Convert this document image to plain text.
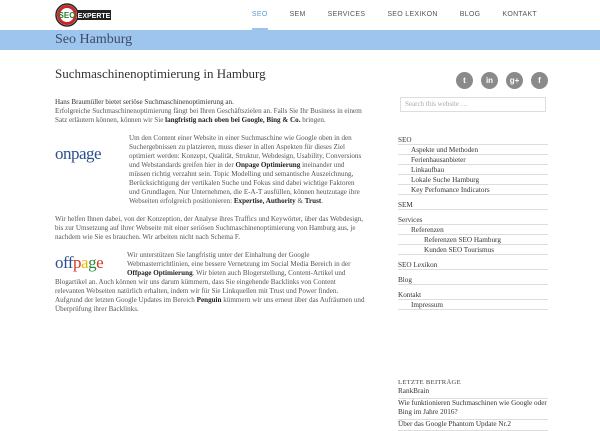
SEO EXPERTE	SEO	SEM	SERVICES	SEO LEXIKON	BLOG	KONTAKT
Seo Hamburg
Suchmaschinenoptimierung in Hamburg
Hans Braumüller bietet seriöse Suchmaschinenoptimierung an.
Erfolgreiche Suchmaschinenoptimierung fängt bei Ihren Geschäftszielen an. Falls Sie Ihr Business in einem Satz erläutern können, können wir Sie langfristig nach oben bei Google, Bing & Co. bringen.
onpage
Um den Content einer Website in einer Suchmaschine wie Google oben in den Suchergebnissen zu platzieren, muss dieser in allen Aspekten für dieses Ziel optimiert werden: Konzept, Qualität, Struktur, Webdesign, Usability, Conversions und Webstandards greifen hier in der Onpage Optimierung ineinander und müssen richtig verzahnt sein. Topic Modelling und semantische Auszeichnung, Berücksichtigung der vertikalen Suche und Fokus sind dabei wichtige Faktoren und Grundlagen. Nur Unternehmen, die E-A-T ausfüllen, können heutzutage ihre Webseiten erfolgreich positionieren: Expertise, Authority & Trust.
Wir helfen Ihnen dabei, von der Konzeption, der Analyse ihres Traffics und Keywörter, über das Webdesign, bis zur Umsetzung auf ihrer Webseite mit einer seriösen Suchmaschinenoptimierung von Hamburg aus, je nachdem wie Sie es brauchen. Wir arbeiten nicht nach Schema F.
offpage	Wir unterstützen Sie langfristig unter der Einhaltung der Google Webmasterrichtlinien, eine bessere Vernetzung im Social Media Bereich in der Offpage Optimierung. Wir bieten auch Blogerstellung, Content-Artikel und Blogartikel an. Auch können wir uns darum kümmern, dass Sie eingehende Backlinks von Content relevanten Webseiten natürlich erhalten, indem wir für Sie Linkquellen mit Trust und Power finden. Aufgrund der letzten Google Updates im Bereich Penguin kümmern wir uns erneut über das Aufräumen und Überprüfung ihrer Backlinks.
t	in	g+	f
Search this website …
SEO
Aspekte und Methoden
Ferienhausanbieter
Linkaufbau
Lokale Suche Hamburg
Key Perfomance Indicators
SEM
Services
Referenzen
Referenzen SEO Hamburg
Kunden SEO Tourismus
SEO Lexikon
Blog
Kontakt
Impressum
LETZTE BEITRÄGE
RankBrain
Wie funktionieren Suchmaschinen wie Google oder Bing im Jahre 2016?
Über das Google Phantom Update Nr.2
